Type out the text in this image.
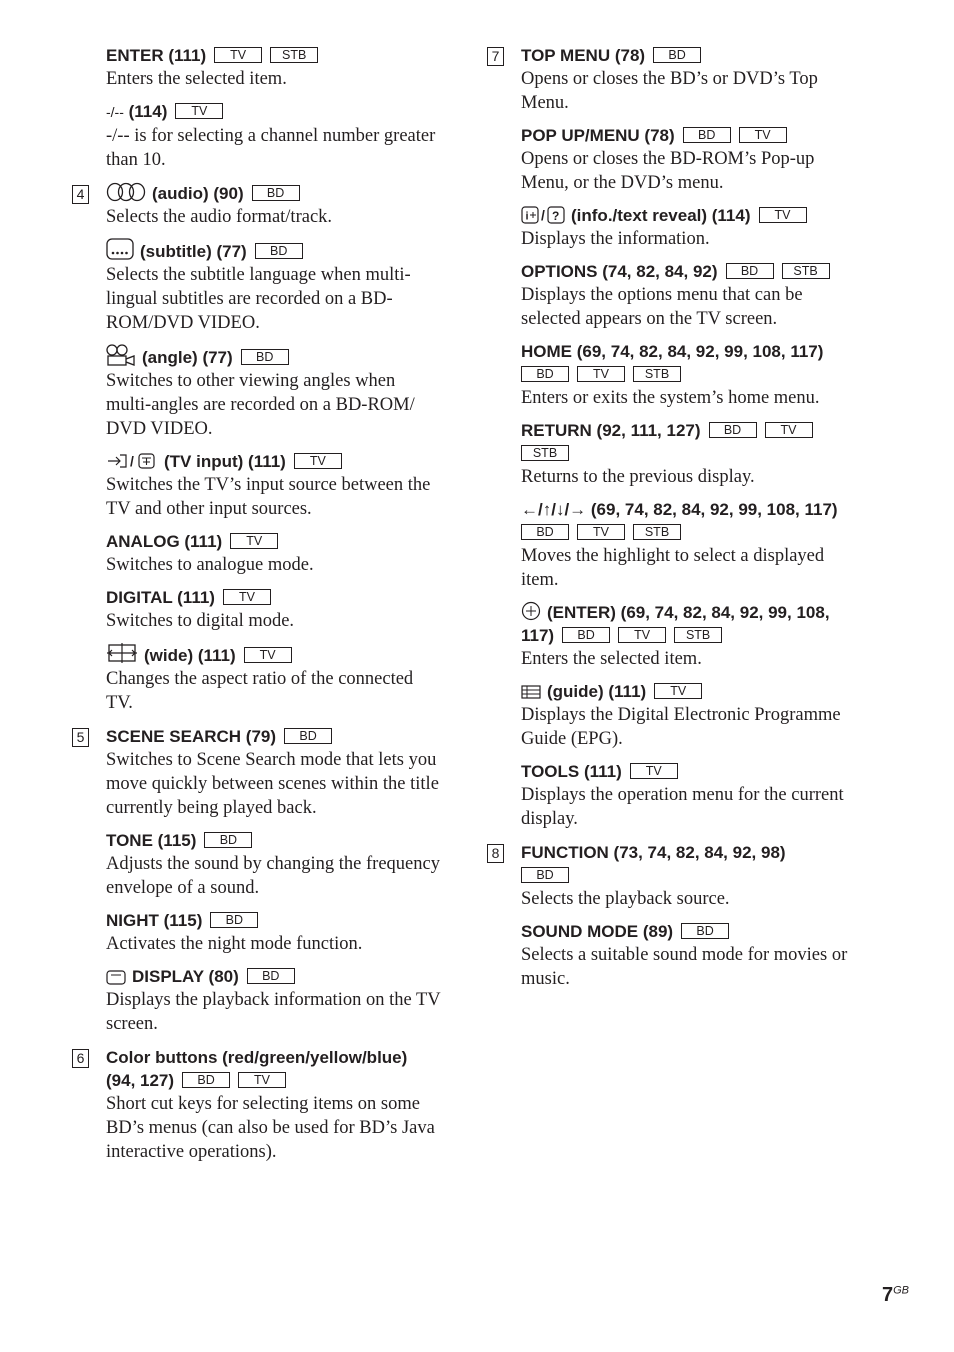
ENTER (111) TV	STB
Enters the selected item.
-/-- (114) TV
-/-- is for selecting a channel number greater than 10.
4	(audio) (90) BD
Selects the audio format/track.
(subtitle) (77) BD
Selects the subtitle language when multi-lingual subtitles are recorded on a BD-ROM/DVD VIDEO.
(angle) (77) BD
Switches to other viewing angles when multi-angles are recorded on a BD-ROM/ DVD VIDEO.
/ (TV input) (111) TV
Switches the TV’s input source between the TV and other input sources.
ANALOG (111) TV
Switches to analogue mode.
DIGITAL (111) TV
Switches to digital mode.
(wide) (111) TV
Changes the aspect ratio of the connected TV.
5 SCENE SEARCH (79) BD
Switches to Scene Search mode that lets you move quickly between scenes within the title currently being played back.
TONE (115) BD
Adjusts the sound by changing the frequency envelope of a sound.
NIGHT (115) BD
Activates the night mode function.
DISPLAY (80) BD
Displays the playback information on the TV screen.
6 Color buttons (red/green/yellow/blue)
(94, 127) BD	TV
Short cut keys for selecting items on some BD’s menus (can also be used for BD’s Java interactive operations).
7 TOP MENU (78) BD
Opens or closes the BD’s or DVD’s Top Menu.
POP UP/MENU (78) BD	TV
Opens or closes the BD-ROM’s Pop-up Menu, or the DVD’s menu.
i / ? (info./text reveal) (114) TV
Displays the information.
OPTIONS (74, 82, 84, 92) BD	STB
Displays the options menu that can be selected appears on the TV screen.
HOME (69, 74, 82, 84, 92, 99, 108, 117)
BD	TV	STB
Enters or exits the system’s home menu.
RETURN (92, 111, 127) BD	TV
STB
Returns to the previous display.
←/↑/↓/→ (69, 74, 82, 84, 92, 99, 108, 117)
BD	TV	STB
Moves the highlight to select a displayed item.
(ENTER) (69, 74, 82, 84, 92, 99, 108,
117) BD	TV	STB
Enters the selected item.
(guide) (111) TV
Displays the Digital Electronic Programme Guide (EPG).
TOOLS (111) TV
Displays the operation menu for the current display.
8 FUNCTION (73, 74, 82, 84, 92, 98)
BD
Selects the playback source.
SOUND MODE (89) BD
Selects a suitable sound mode for movies or music.
$7^{GB}$
